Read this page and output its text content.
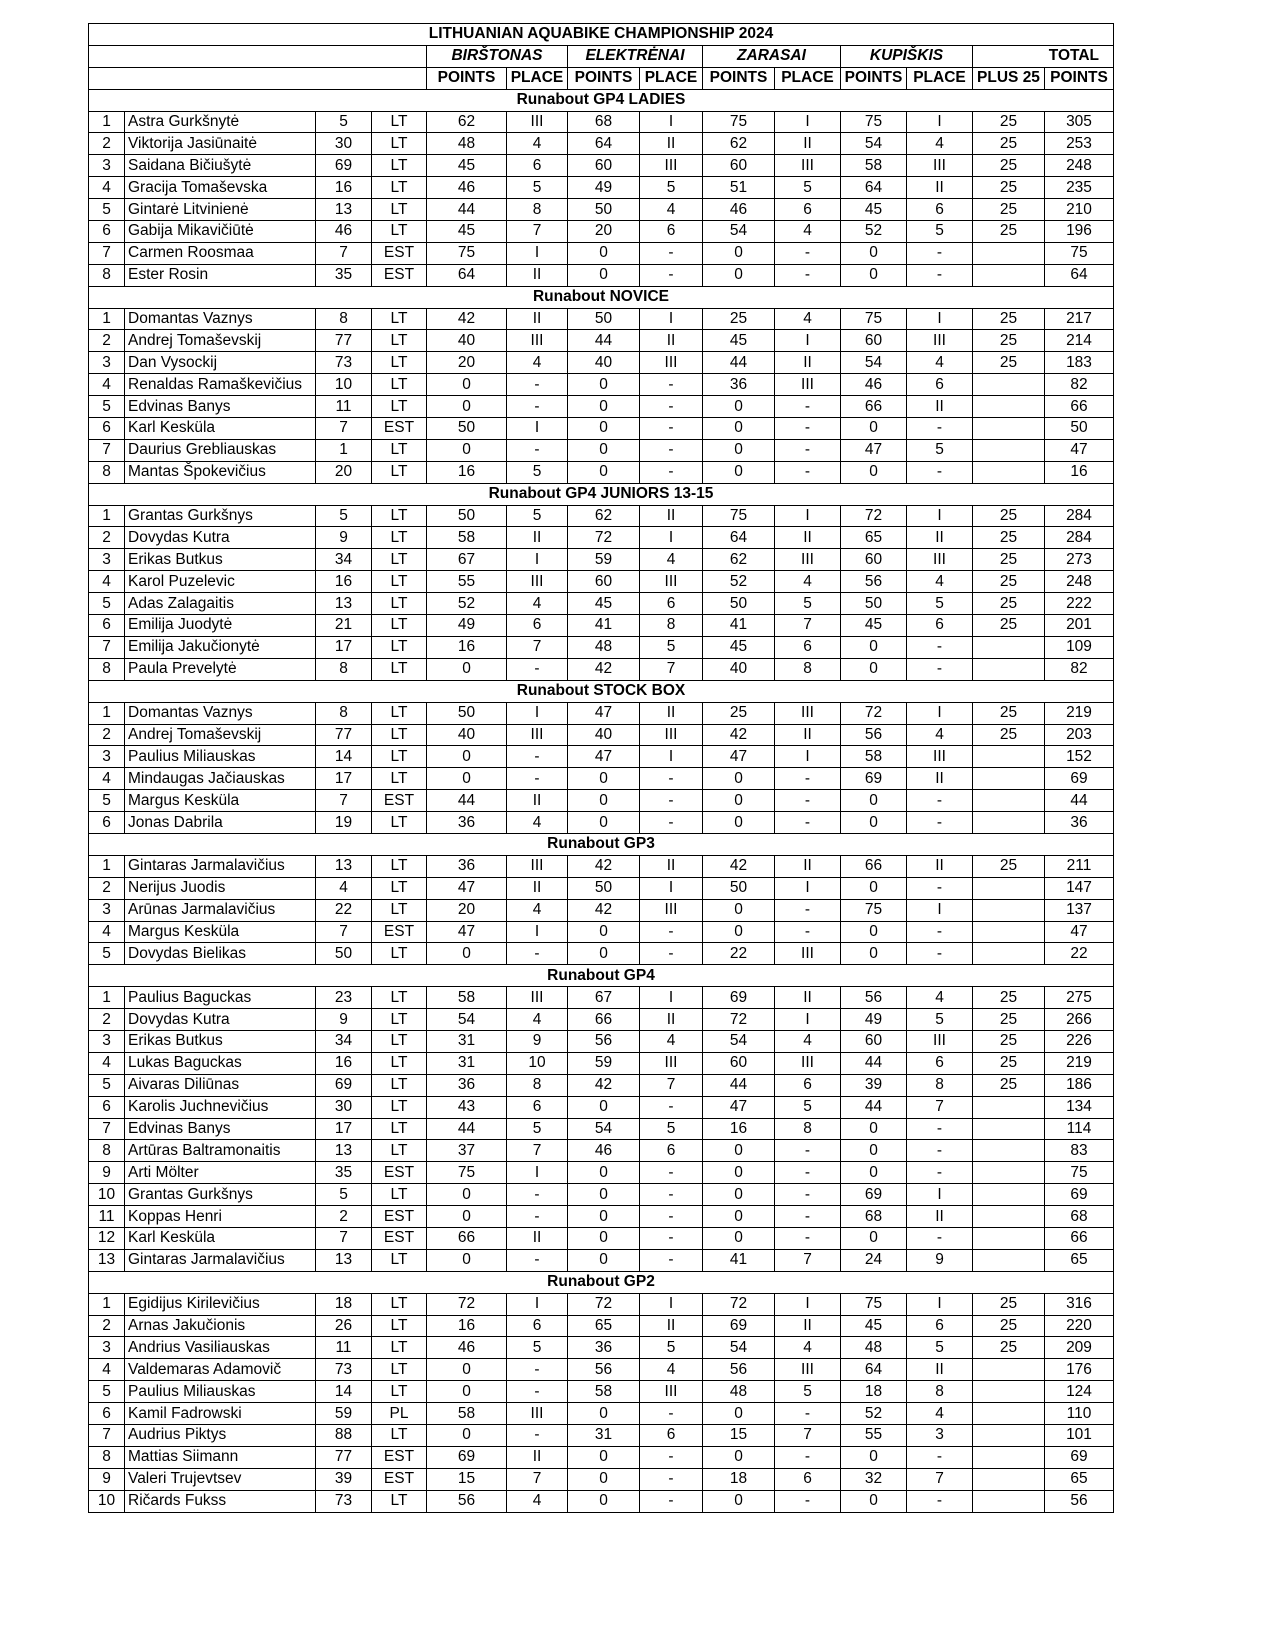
LITHUANIAN AQUABIKE CHAMPIONSHIP 2024													
				BIRŠTONAS		ELEKTRĖNAI		ZARASAI		KUPIŠKIS		TOTAL	
				POINTS	PLACE	POINTS	PLACE	POINTS	PLACE	POINTS	PLACE	PLUS 25	POINTS
Runabout GP4 LADIES													
1	Astra Gurkšnytė	5	LT	62	III	68	I	75	I	75	I	25	305
2	Viktorija Jasiūnaitė	30	LT	48	4	64	II	62	II	54	4	25	253
3	Saidana Bičiušytė	69	LT	45	6	60	III	60	III	58	III	25	248
4	Gracija Tomaševska	16	LT	46	5	49	5	51	5	64	II	25	235
5	Gintarė Litvinienė	13	LT	44	8	50	4	46	6	45	6	25	210
6	Gabija Mikavičiūtė	46	LT	45	7	20	6	54	4	52	5	25	196
7	Carmen Roosmaa	7	EST	75	I	0	-	0	-	0	-		75
8	Ester Rosin	35	EST	64	II	0	-	0	-	0	-		64
Runabout NOVICE													
1	Domantas Vaznys	8	LT	42	II	50	I	25	4	75	I	25	217
2	Andrej Tomaševskij	77	LT	40	III	44	II	45	I	60	III	25	214
3	Dan Vysockij	73	LT	20	4	40	III	44	II	54	4	25	183
4	Renaldas Ramaškevičius	10	LT	0	-	0	-	36	III	46	6		82
5	Edvinas Banys	11	LT	0	-	0	-	0	-	66	II		66
6	Karl Kesküla	7	EST	50	I	0	-	0	-	0	-		50
7	Daurius Grebliauskas	1	LT	0	-	0	-	0	-	47	5		47
8	Mantas Špokevičius	20	LT	16	5	0	-	0	-	0	-		16
Runabout GP4 JUNIORS 13-15													
1	Grantas Gurkšnys	5	LT	50	5	62	II	75	I	72	I	25	284
2	Dovydas Kutra	9	LT	58	II	72	I	64	II	65	II	25	284
3	Erikas Butkus	34	LT	67	I	59	4	62	III	60	III	25	273
4	Karol Puzelevic	16	LT	55	III	60	III	52	4	56	4	25	248
5	Adas Zalagaitis	13	LT	52	4	45	6	50	5	50	5	25	222
6	Emilija Juodytė	21	LT	49	6	41	8	41	7	45	6	25	201
7	Emilija Jakučionytė	17	LT	16	7	48	5	45	6	0	-		109
8	Paula Prevelytė	8	LT	0	-	42	7	40	8	0	-		82
Runabout STOCK BOX													
1	Domantas Vaznys	8	LT	50	I	47	II	25	III	72	I	25	219
2	Andrej Tomaševskij	77	LT	40	III	40	III	42	II	56	4	25	203
3	Paulius Miliauskas	14	LT	0	-	47	I	47	I	58	III		152
4	Mindaugas Jačiauskas	17	LT	0	-	0	-	0	-	69	II		69
5	Margus Kesküla	7	EST	44	II	0	-	0	-	0	-		44
6	Jonas Dabrila	19	LT	36	4	0	-	0	-	0	-		36
Runabout GP3													
1	Gintaras Jarmalavičius	13	LT	36	III	42	II	42	II	66	II	25	211
2	Nerijus Juodis	4	LT	47	II	50	I	50	I	0	-		147
3	Arūnas Jarmalavičius	22	LT	20	4	42	III	0	-	75	I		137
4	Margus Kesküla	7	EST	47	I	0	-	0	-	0	-		47
5	Dovydas Bielikas	50	LT	0	-	0	-	22	III	0	-		22
Runabout GP4													
1	Paulius Baguckas	23	LT	58	III	67	I	69	II	56	4	25	275
2	Dovydas Kutra	9	LT	54	4	66	II	72	I	49	5	25	266
3	Erikas Butkus	34	LT	31	9	56	4	54	4	60	III	25	226
4	Lukas Baguckas	16	LT	31	10	59	III	60	III	44	6	25	219
5	Aivaras Diliūnas	69	LT	36	8	42	7	44	6	39	8	25	186
6	Karolis Juchnevičius	30	LT	43	6	0	-	47	5	44	7		134
7	Edvinas Banys	17	LT	44	5	54	5	16	8	0	-		114
8	Artūras Baltramonaitis	13	LT	37	7	46	6	0	-	0	-		83
9	Arti Mölter	35	EST	75	I	0	-	0	-	0	-		75
10	Grantas Gurkšnys	5	LT	0	-	0	-	0	-	69	I		69
11	Koppas Henri	2	EST	0	-	0	-	0	-	68	II		68
12	Karl Kesküla	7	EST	66	II	0	-	0	-	0	-		66
13	Gintaras Jarmalavičius	13	LT	0	-	0	-	41	7	24	9		65
Runabout GP2													
1	Egidijus Kirilevičius	18	LT	72	I	72	I	72	I	75	I	25	316
2	Arnas Jakučionis	26	LT	16	6	65	II	69	II	45	6	25	220
3	Andrius Vasiliauskas	11	LT	46	5	36	5	54	4	48	5	25	209
4	Valdemaras Adamovič	73	LT	0	-	56	4	56	III	64	II		176
5	Paulius Miliauskas	14	LT	0	-	58	III	48	5	18	8		124
6	Kamil Fadrowski	59	PL	58	III	0	-	0	-	52	4		110
7	Audrius Piktys	88	LT	0	-	31	6	15	7	55	3		101
8	Mattias Siimann	77	EST	69	II	0	-	0	-	0	-		69
9	Valeri Trujevtsev	39	EST	15	7	0	-	18	6	32	7		65
10	Ričards Fukss	73	LT	56	4	0	-	0	-	0	-		56
